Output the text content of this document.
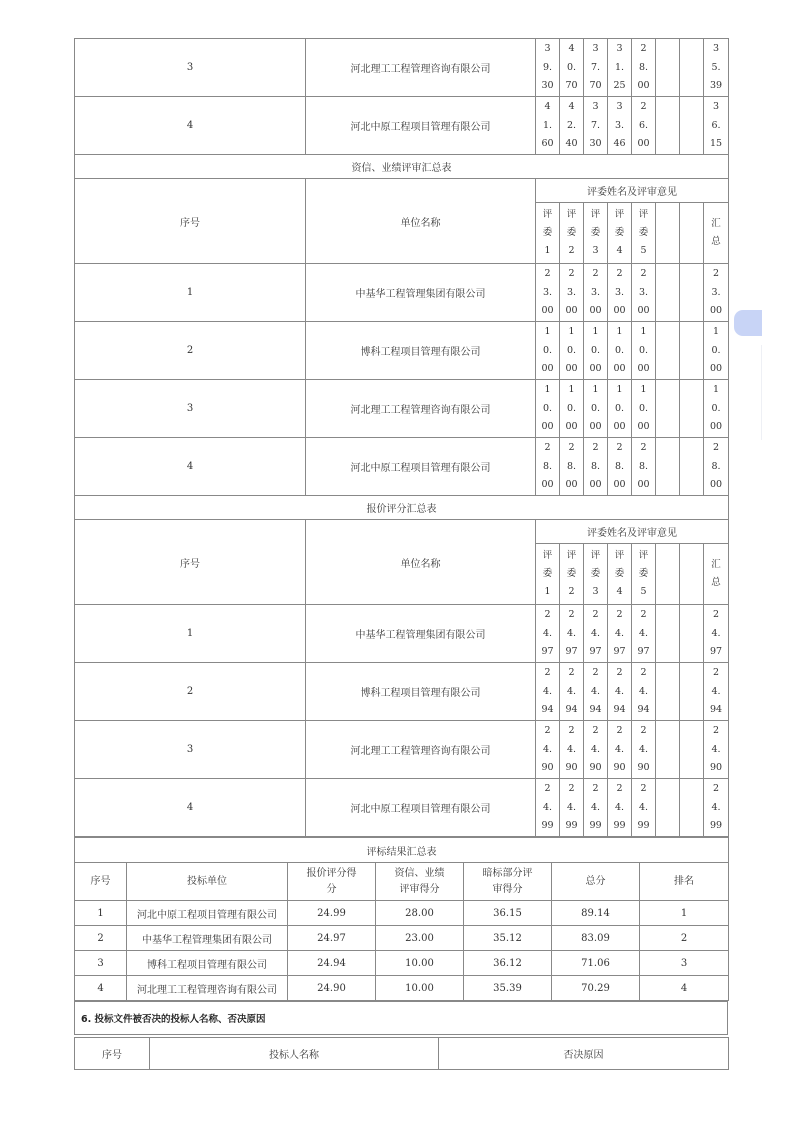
3	河北理工工程管理咨询有限公司	3
9.
30	4
0.
70	3
7.
70	3
1.
25	2
8.
00			3
5.
39

4	河北中原工程项目管理有限公司	4
1.
60	4
2.
40	3
7.
30	3
3.
46	2
6.
00			3
6.
15

资信、业绩评审汇总表									
序号	单位名称	评委姓名及评审意见							

		评
委
1	评
委
2	评
委
3	评
委
4	评
委
5			汇
总

1	中基华工程管理集团有限公司	2
3.
00	2
3.
00	2
3.
00	2
3.
00	2
3.
00			2
3.
00

2	博科工程项目管理有限公司	1
0.
00	1
0.
00	1
0.
00	1
0.
00	1
0.
00			1
0.
00

3	河北理工工程管理咨询有限公司	1
0.
00	1
0.
00	1
0.
00	1
0.
00	1
0.
00			1
0.
00

4	河北中原工程项目管理有限公司	2
8.
00	2
8.
00	2
8.
00	2
8.
00	2
8.
00			2
8.
00

报价评分汇总表									
序号	单位名称	评委姓名及评审意见							

		评
委
1	评
委
2	评
委
3	评
委
4	评
委
5			汇
总

1	中基华工程管理集团有限公司	2
4.
97	2
4.
97	2
4.
97	2
4.
97	2
4.
97			2
4.
97

2	博科工程项目管理有限公司	2
4.
94	2
4.
94	2
4.
94	2
4.
94	2
4.
94			2
4.
94

3	河北理工工程管理咨询有限公司	2
4.
90	2
4.
90	2
4.
90	2
4.
90	2
4.
90			2
4.
90

4	河北中原工程项目管理有限公司	2
4.
99	2
4.
99	2
4.
99	2
4.
99	2
4.
99			2
4.
99
评标结果汇总表						
序号	投标单位	报价评分得分	资信、业绩评审得分	暗标部分评审得分	总分	排名
1	河北中原工程项目管理有限公司	24.99	28.00	36.15	89.14	1
2	中基华工程管理集团有限公司	24.97	23.00	35.12	83.09	2
3	博科工程项目管理有限公司	24.94	10.00	36.12	71.06	3
4	河北理工工程管理咨询有限公司	24.90	10.00	35.39	70.29	4
6. 投标文件被否决的投标人名称、否决原因
序号	投标人名称	否决原因
